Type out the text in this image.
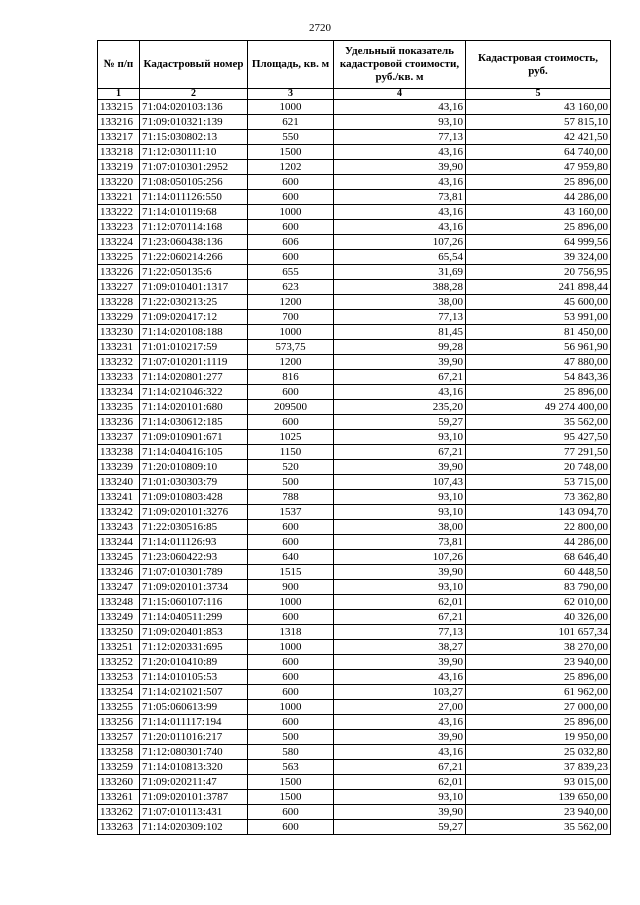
2720
№ п/п	Кадастровый номер	Площадь, кв. м	Удельный показатель кадастровой стоимости, руб./кв. м	Кадастровая стоимость, руб.
1	2	3	4	5
133215	71:04:020103:136	1000	43,16	43 160,00
133216	71:09:010321:139	621	93,10	57 815,10
133217	71:15:030802:13	550	77,13	42 421,50
133218	71:12:030111:10	1500	43,16	64 740,00
133219	71:07:010301:2952	1202	39,90	47 959,80
133220	71:08:050105:256	600	43,16	25 896,00
133221	71:14:011126:550	600	73,81	44 286,00
133222	71:14:010119:68	1000	43,16	43 160,00
133223	71:12:070114:168	600	43,16	25 896,00
133224	71:23:060438:136	606	107,26	64 999,56
133225	71:22:060214:266	600	65,54	39 324,00
133226	71:22:050135:6	655	31,69	20 756,95
133227	71:09:010401:1317	623	388,28	241 898,44
133228	71:22:030213:25	1200	38,00	45 600,00
133229	71:09:020417:12	700	77,13	53 991,00
133230	71:14:020108:188	1000	81,45	81 450,00
133231	71:01:010217:59	573,75	99,28	56 961,90
133232	71:07:010201:1119	1200	39,90	47 880,00
133233	71:14:020801:277	816	67,21	54 843,36
133234	71:14:021046:322	600	43,16	25 896,00
133235	71:14:020101:680	209500	235,20	49 274 400,00
133236	71:14:030612:185	600	59,27	35 562,00
133237	71:09:010901:671	1025	93,10	95 427,50
133238	71:14:040416:105	1150	67,21	77 291,50
133239	71:20:010809:10	520	39,90	20 748,00
133240	71:01:030303:79	500	107,43	53 715,00
133241	71:09:010803:428	788	93,10	73 362,80
133242	71:09:020101:3276	1537	93,10	143 094,70
133243	71:22:030516:85	600	38,00	22 800,00
133244	71:14:011126:93	600	73,81	44 286,00
133245	71:23:060422:93	640	107,26	68 646,40
133246	71:07:010301:789	1515	39,90	60 448,50
133247	71:09:020101:3734	900	93,10	83 790,00
133248	71:15:060107:116	1000	62,01	62 010,00
133249	71:14:040511:299	600	67,21	40 326,00
133250	71:09:020401:853	1318	77,13	101 657,34
133251	71:12:020331:695	1000	38,27	38 270,00
133252	71:20:010410:89	600	39,90	23 940,00
133253	71:14:010105:53	600	43,16	25 896,00
133254	71:14:021021:507	600	103,27	61 962,00
133255	71:05:060613:99	1000	27,00	27 000,00
133256	71:14:011117:194	600	43,16	25 896,00
133257	71:20:011016:217	500	39,90	19 950,00
133258	71:12:080301:740	580	43,16	25 032,80
133259	71:14:010813:320	563	67,21	37 839,23
133260	71:09:020211:47	1500	62,01	93 015,00
133261	71:09:020101:3787	1500	93,10	139 650,00
133262	71:07:010113:431	600	39,90	23 940,00
133263	71:14:020309:102	600	59,27	35 562,00
